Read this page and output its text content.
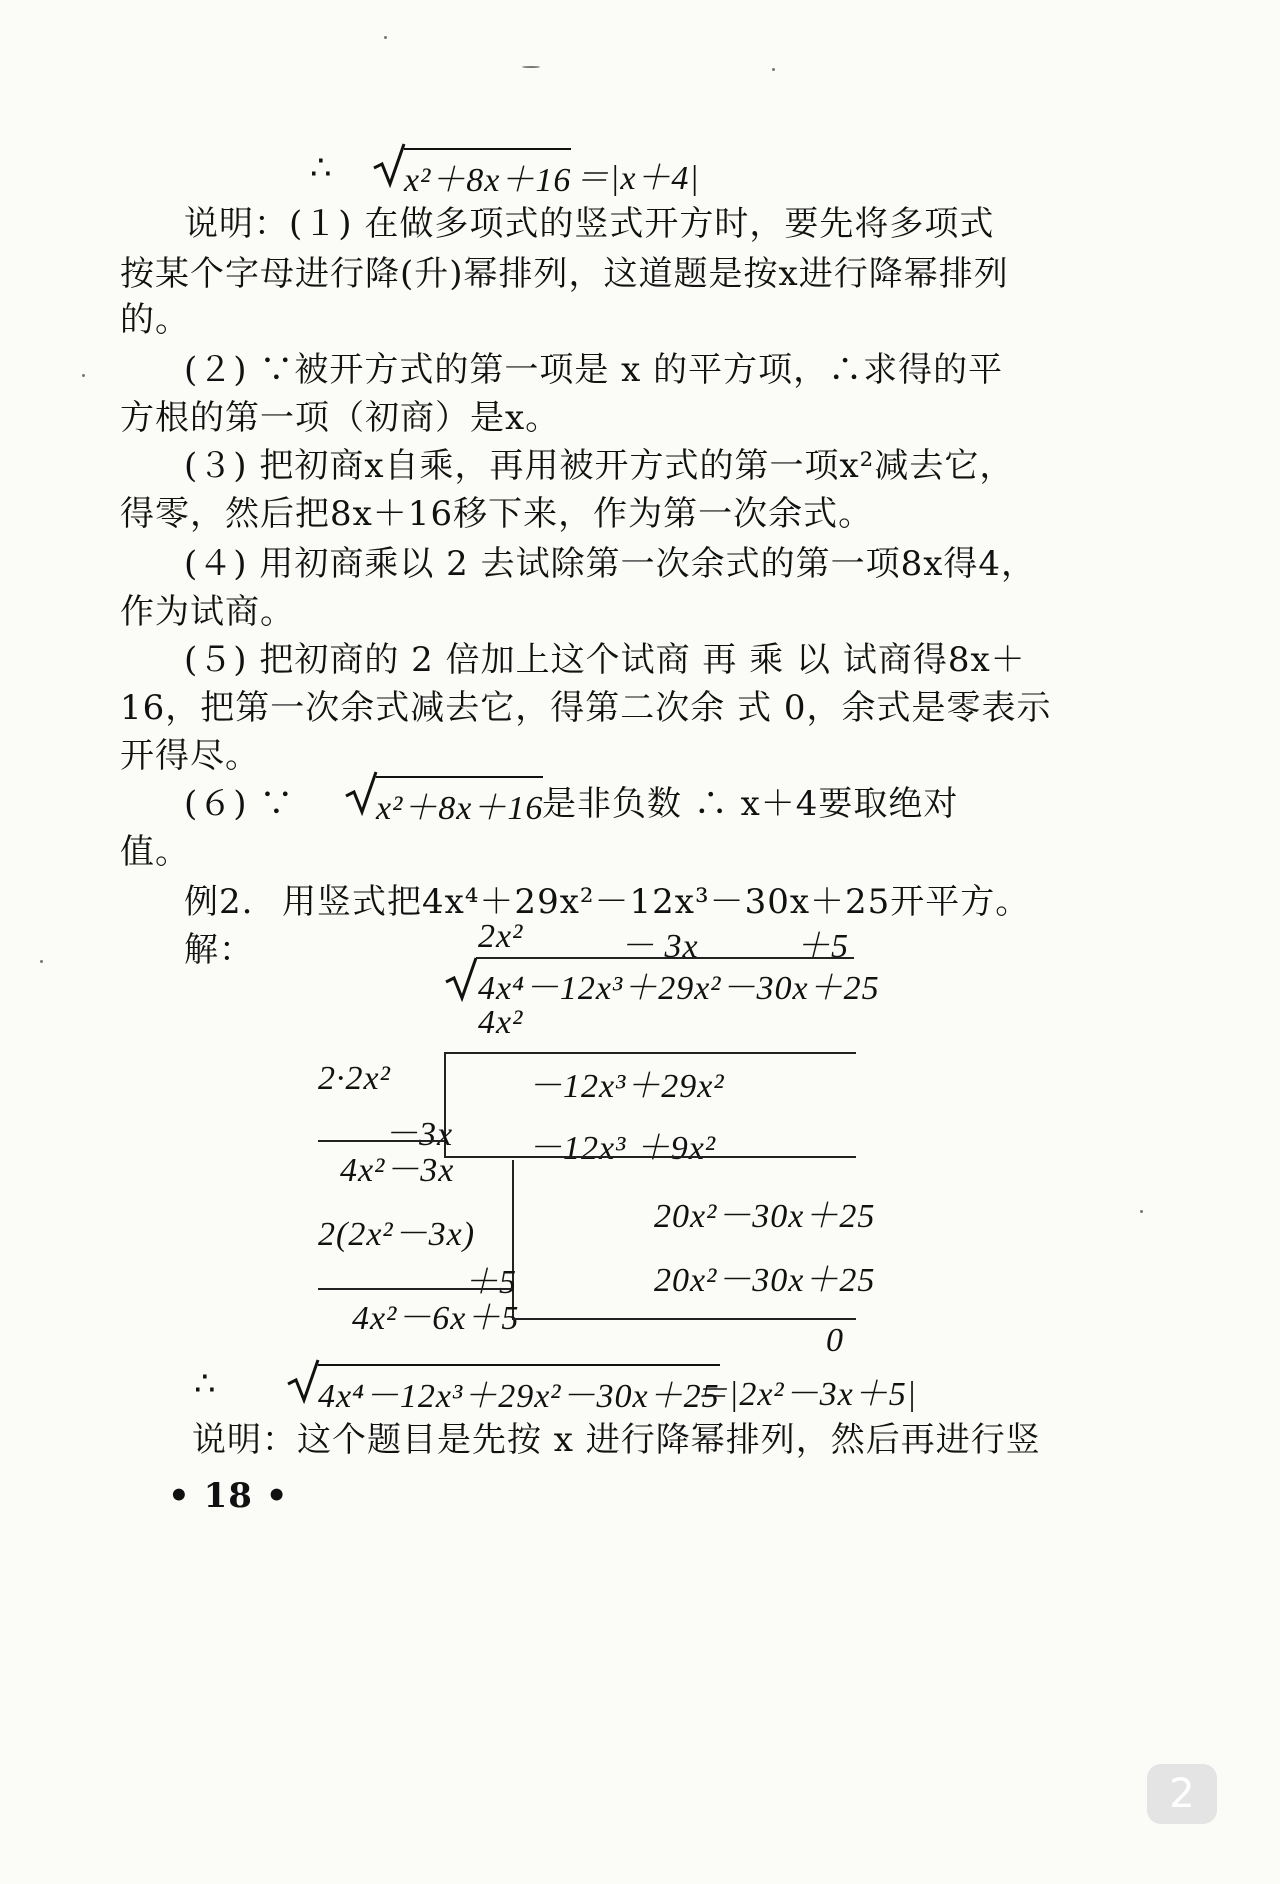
∴ x²＋8x＋16 ＝|x＋4|
说明：(１) 在做多项式的竖式开方时，要先将多项式
按某个字母进行降(升)幂排列，这道题是按x进行降幂排列
的。
(２) ∵被开方式的第一项是 x 的平方项，∴求得的平
方根的第一项（初商）是x。
(３) 把初商x自乘，再用被开方式的第一项x²减去它，
得零，然后把8x＋16移下来，作为第一次余式。
(４) 用初商乘以 2 去试除第一次余式的第一项8x得4，
作为试商。
(５) 把初商的 2 倍加上这个试商 再 乘 以 试商得8x＋
16，把第一次余式减去它，得第二次余 式 0，余式是零表示
开得尽。
(６) ∵ x²＋8x＋16
是非负数 ∴ x＋4要取绝对
值。
例2. 用竖式把4x⁴＋29x²－12x³－30x＋25开平方。
解：	2x²	－ 3x	＋5
4x⁴－12x³＋29x²－30x＋25
4x²
2·2x²
－3x
4x²－3x
－12x³＋29x²
－12x³ ＋9x²
2(2x²－3x)
＋5
4x²－6x＋5
20x²－30x＋25
20x²－30x＋25
0
∴	4x⁴－12x³＋29x²－30x＋25
＝|2x²－3x＋5|
说明：这个题目是先按 x 进行降幂排列，然后再进行竖
• 18 •
2
